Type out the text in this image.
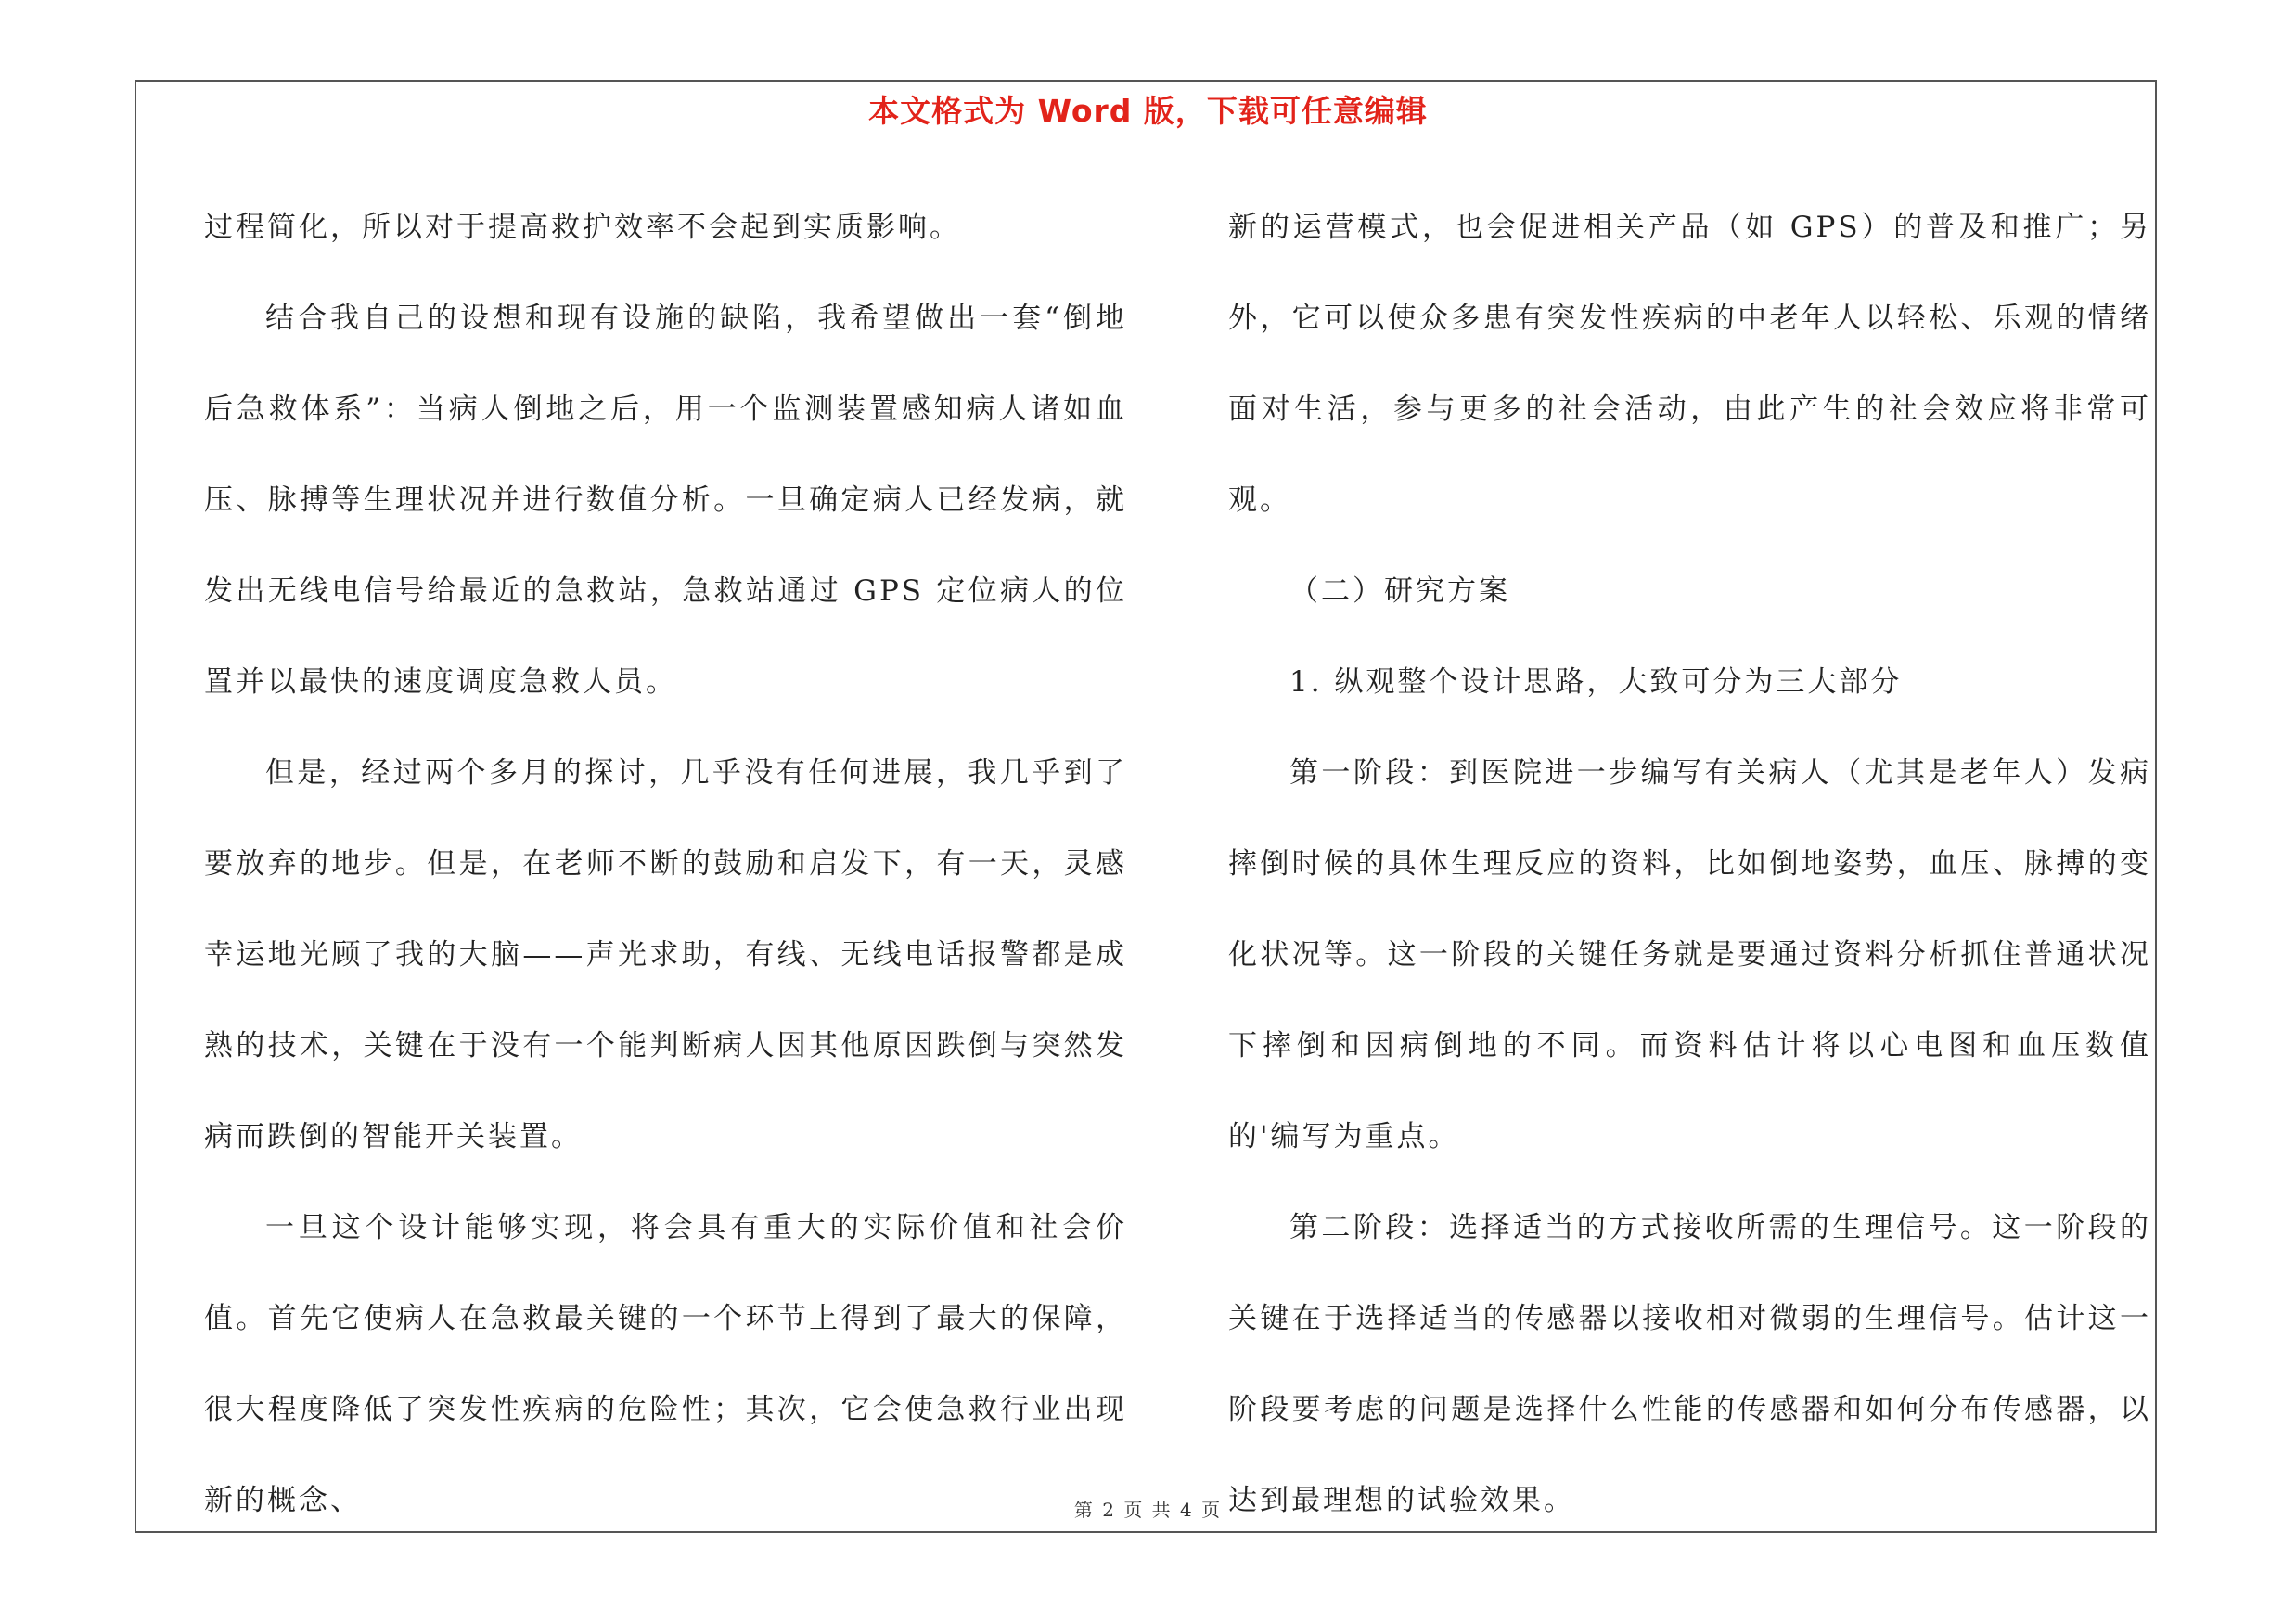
本文格式为 Word 版，下载可任意编辑

过程简化，所以对于提高救护效率不会起到实质影响。

结合我自己的设想和现有设施的缺陷，我希望做出一套“倒地后急救体系”：当病人倒地之后，用一个监测装置感知病人诸如血压、脉搏等生理状况并进行数值分析。一旦确定病人已经发病，就发出无线电信号给最近的急救站，急救站通过 GPS 定位病人的位置并以最快的速度调度急救人员。

但是，经过两个多月的探讨，几乎没有任何进展，我几乎到了要放弃的地步。但是，在老师不断的鼓励和启发下，有一天，灵感幸运地光顾了我的大脑——声光求助，有线、无线电话报警都是成熟的技术，关键在于没有一个能判断病人因其他原因跌倒与突然发病而跌倒的智能开关装置。

一旦这个设计能够实现，将会具有重大的实际价值和社会价值。首先它使病人在急救最关键的一个环节上得到了最大的保障，很大程度降低了突发性疾病的危险性；其次，它会使急救行业出现新的概念、

新的运营模式，也会促进相关产品（如 GPS）的普及和推广；另外，它可以使众多患有突发性疾病的中老年人以轻松、乐观的情绪面对生活，参与更多的社会活动，由此产生的社会效应将非常可观。

（二）研究方案

1. 纵观整个设计思路，大致可分为三大部分

第一阶段：到医院进一步编写有关病人（尤其是老年人）发病摔倒时候的具体生理反应的资料，比如倒地姿势，血压、脉搏的变化状况等。这一阶段的关键任务就是要通过资料分析抓住普通状况下摔倒和因病倒地的不同。而资料估计将以心电图和血压数值的'编写为重点。

第二阶段：选择适当的方式接收所需的生理信号。这一阶段的关键在于选择适当的传感器以接收相对微弱的生理信号。估计这一阶段要考虑的问题是选择什么性能的传感器和如何分布传感器，以达到最理想的试验效果。

第 2 页 共 4 页
